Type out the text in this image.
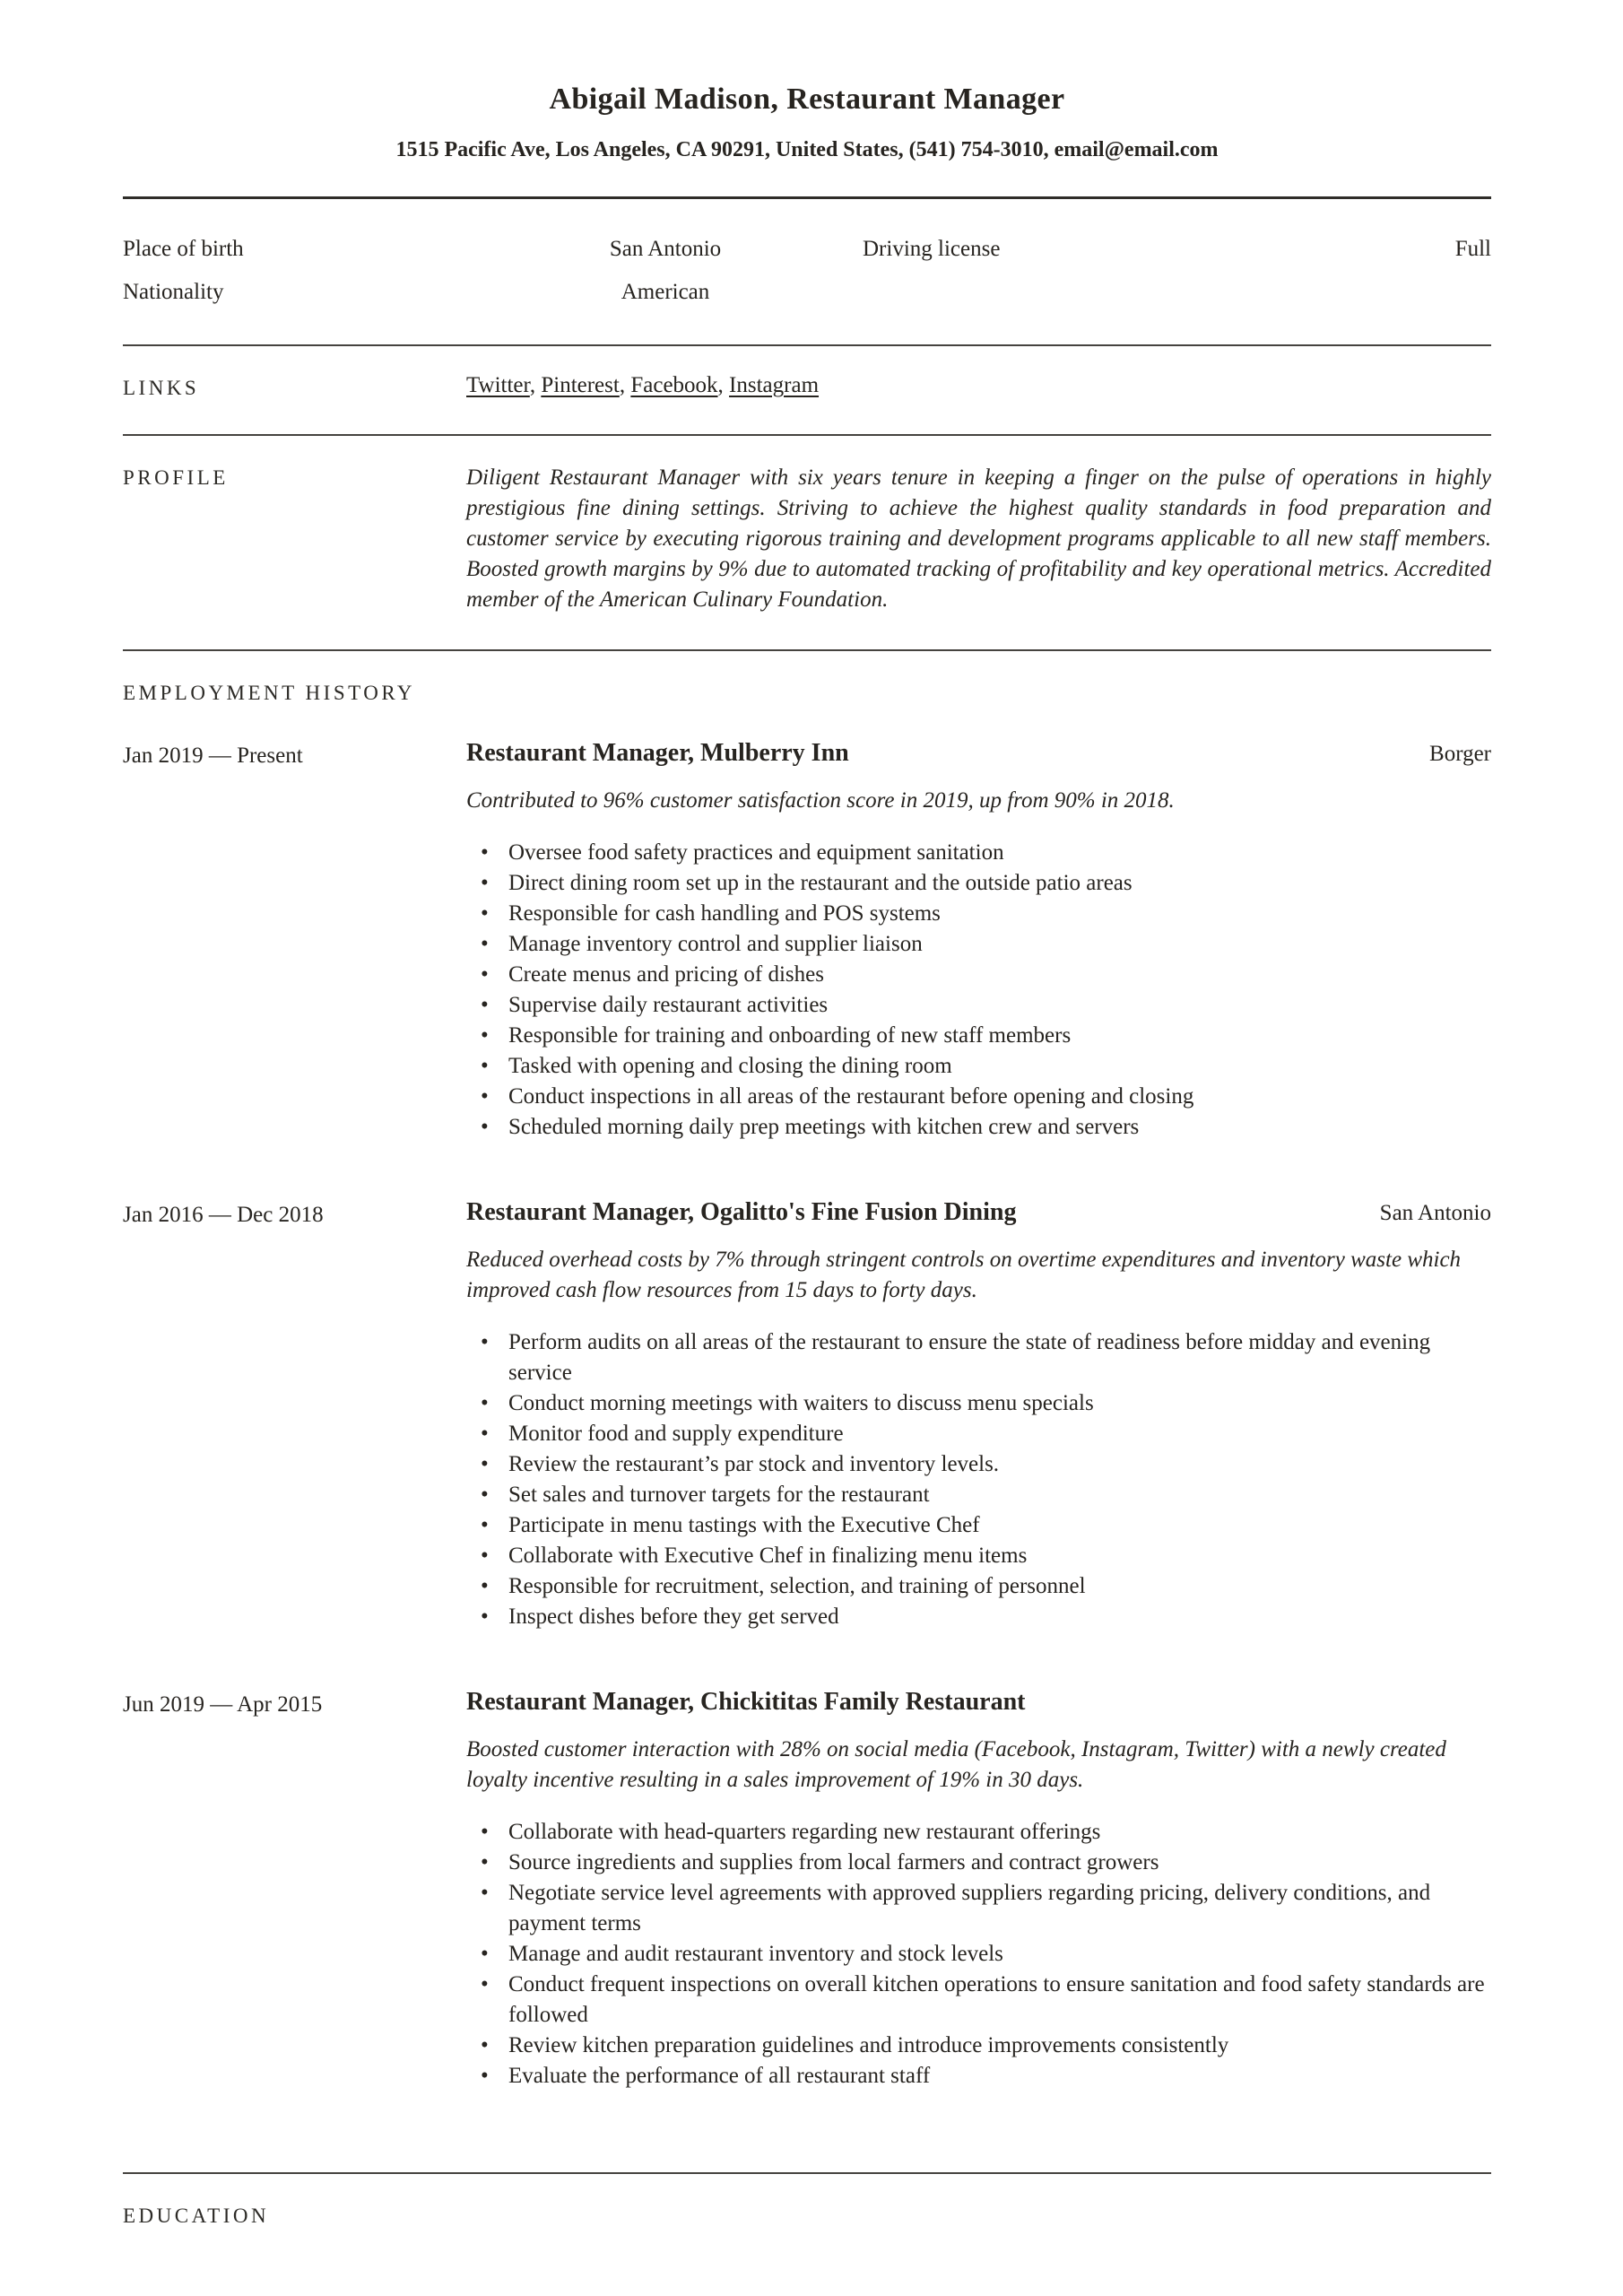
Abigail Madison, Restaurant Manager
1515 Pacific Ave, Los Angeles, CA 90291, United States, (541) 754-3010, email@email.com
Place of birth	San Antonio	Driving license	Full
Nationality	American
LINKS	Twitter, Pinterest, Facebook, Instagram
PROFILE	Diligent Restaurant Manager with six years tenure in keeping a finger on the pulse of operations in highly prestigious fine dining settings. Striving to achieve the highest quality standards in food preparation and customer service by executing rigorous training and development programs applicable to all new staff members. Boosted growth margins by 9% due to automated tracking of profitability and key operational metrics. Accredited member of the American Culinary Foundation.

EMPLOYMENT HISTORY
Jan 2019 — Present	Restaurant Manager, Mulberry Inn	Borger

Contributed to 96% customer satisfaction score in 2019, up from 90% in 2018.

• Oversee food safety practices and equipment sanitation
• Direct dining room set up in the restaurant and the outside patio areas
• Responsible for cash handling and POS systems
• Manage inventory control and supplier liaison
• Create menus and pricing of dishes
• Supervise daily restaurant activities
• Responsible for training and onboarding of new staff members
• Tasked with opening and closing the dining room
• Conduct inspections in all areas of the restaurant before opening and closing
• Scheduled morning daily prep meetings with kitchen crew and servers
Jan 2016 — Dec 2018	Restaurant Manager, Ogalitto's Fine Fusion Dining	San Antonio

Reduced overhead costs by 7% through stringent controls on overtime expenditures and inventory waste which improved cash flow resources from 15 days to forty days.

• Perform audits on all areas of the restaurant to ensure the state of readiness before midday and evening service
• Conduct morning meetings with waiters to discuss menu specials
• Monitor food and supply expenditure
• Review the restaurant’s par stock and inventory levels.
• Set sales and turnover targets for the restaurant
• Participate in menu tastings with the Executive Chef
• Collaborate with Executive Chef in finalizing menu items
• Responsible for recruitment, selection, and training of personnel
• Inspect dishes before they get served
Jun 2019 — Apr 2015	Restaurant Manager, Chickititas Family Restaurant

Boosted customer interaction with 28% on social media (Facebook, Instagram, Twitter) with a newly created loyalty incentive resulting in a sales improvement of 19% in 30 days.

• Collaborate with head-quarters regarding new restaurant offerings
• Source ingredients and supplies from local farmers and contract growers
• Negotiate service level agreements with approved suppliers regarding pricing, delivery conditions, and payment terms
• Manage and audit restaurant inventory and stock levels
• Conduct frequent inspections on overall kitchen operations to ensure sanitation and food safety standards are followed
• Review kitchen preparation guidelines and introduce improvements consistently
• Evaluate the performance of all restaurant staff
EDUCATION
